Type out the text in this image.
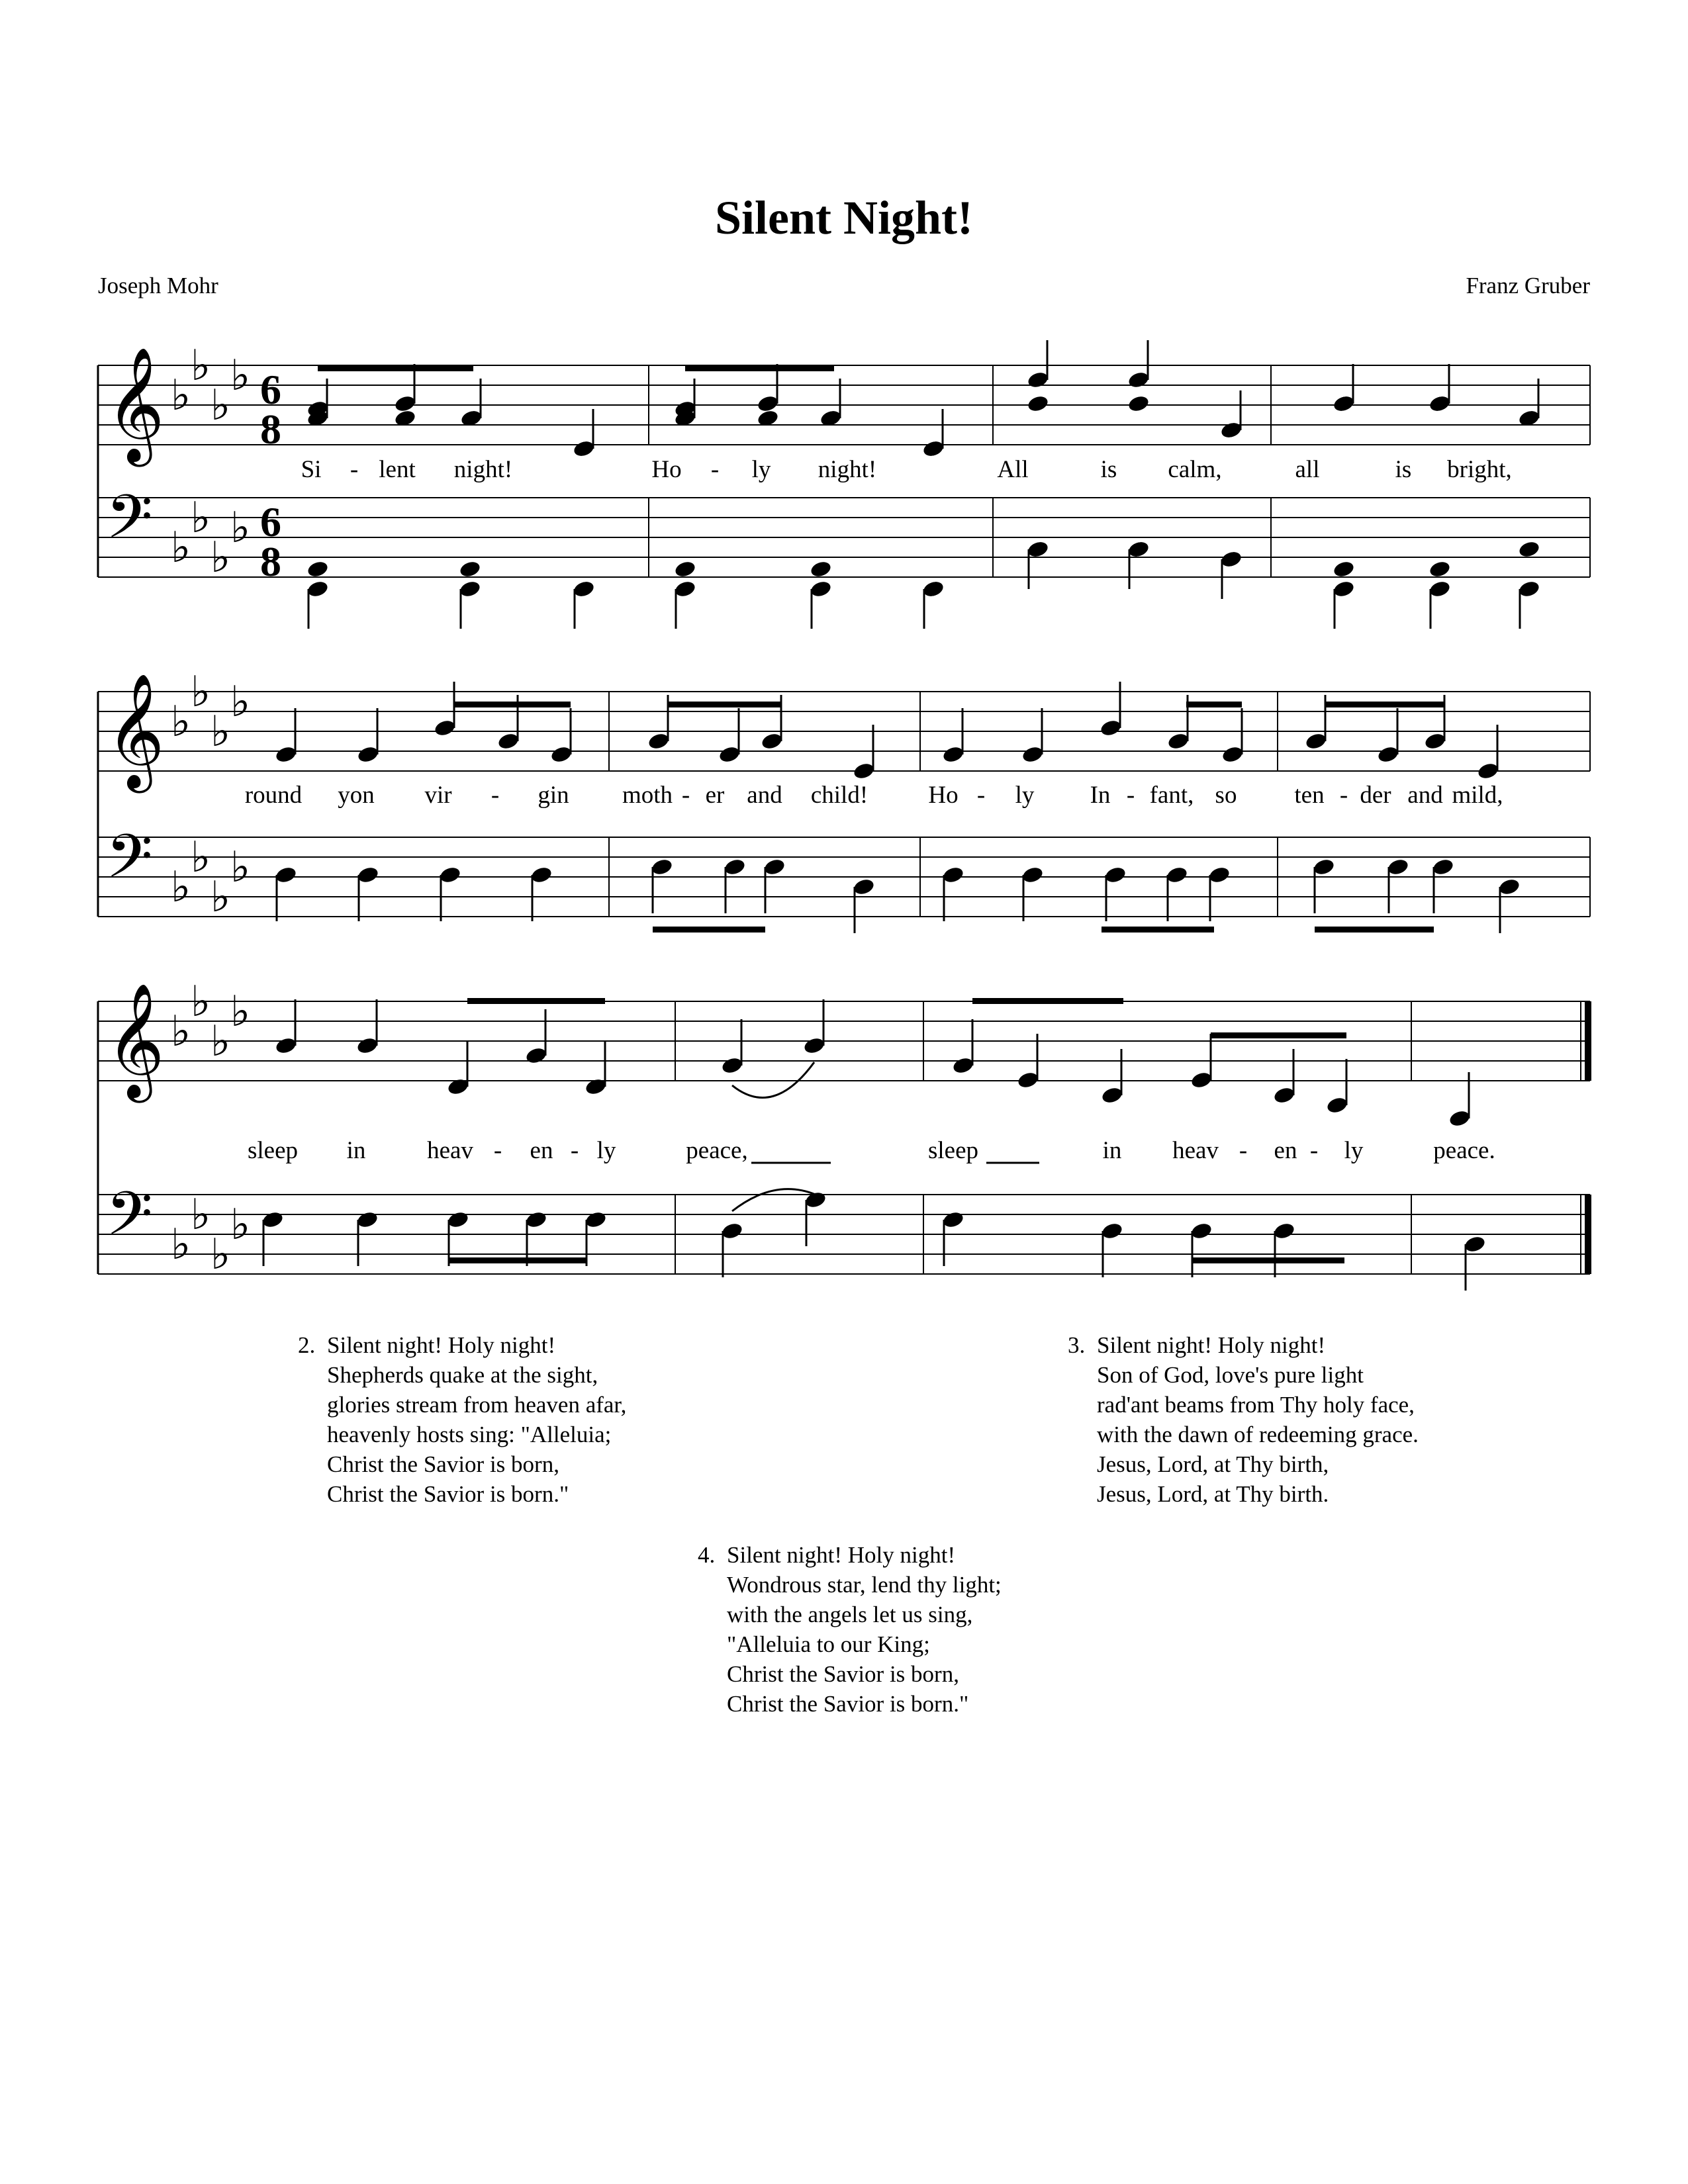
Silent Night!
Joseph Mohr	Franz Gruber
Si - lent night!	Ho - ly night!	All	is calm,	all	is bright,
round yon vir - gin moth - er and child! Ho - ly In - fant, so ten - der and mild,
sleep in	heav - en - ly	peace,	sleep	in heav - en - ly	peace.
𝄞 ♭
♭
♭
♭ 6
8
𝄢 ♭
♭
♭
♭ 6
8
𝄞 ♭
♭
♭
♭
𝄢 ♭
♭
♭
♭
𝄞 ♭
♭
♭
♭
𝄢 ♭
♭
♭
♭
2. Silent night! Holy night!
Shepherds quake at the sight,
glories stream from heaven afar,
heavenly hosts sing: "Alleluia;
Christ the Savior is born,
Christ the Savior is born."
3. Silent night! Holy night!
Son of God, love's pure light
rad'ant beams from Thy holy face,
with the dawn of redeeming grace.
Jesus, Lord, at Thy birth,
Jesus, Lord, at Thy birth.
4. Silent night! Holy night!
Wondrous star, lend thy light;
with the angels let us sing,
"Alleluia to our King;
Christ the Savior is born,
Christ the Savior is born."
